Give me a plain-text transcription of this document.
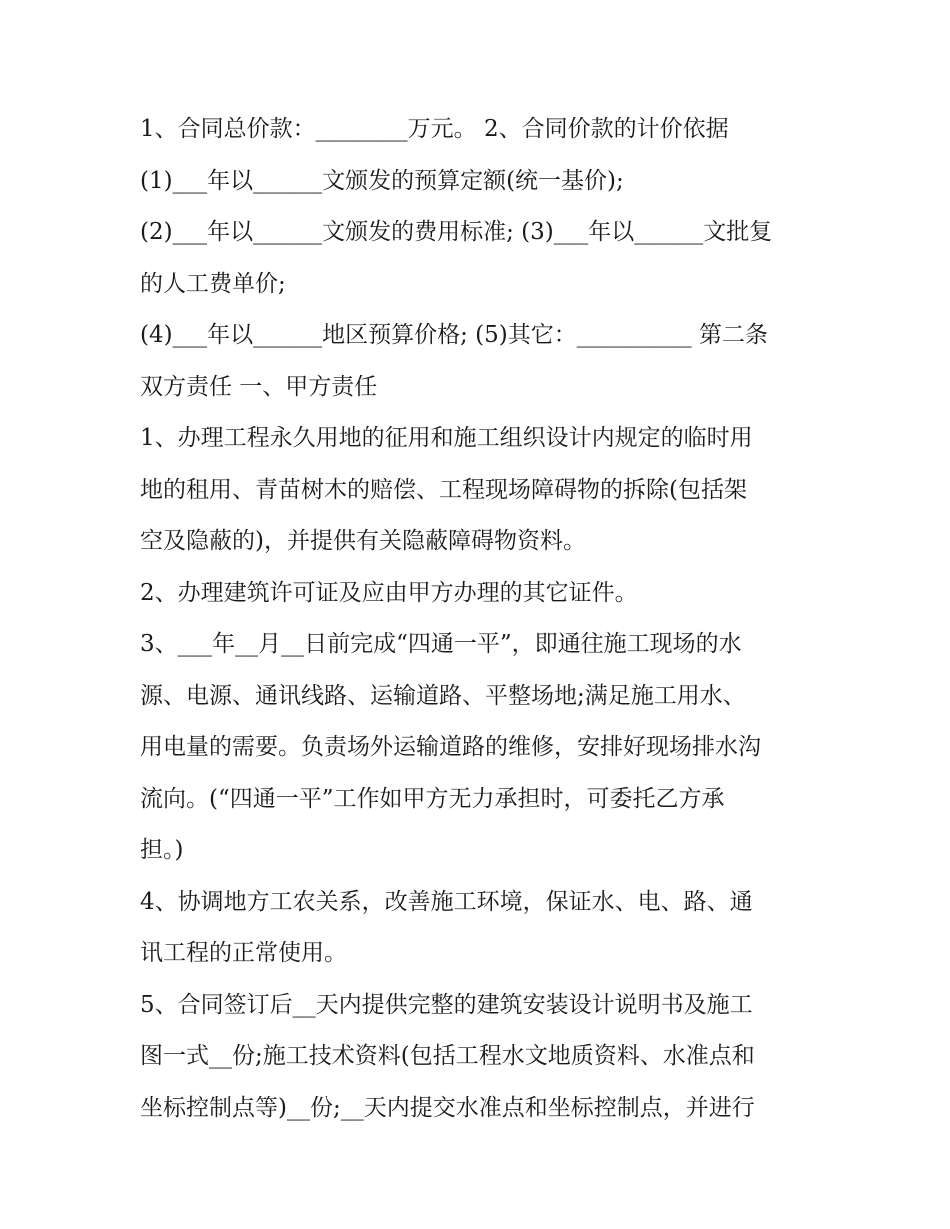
1、合同总价款：________万元。 2、合同价款的计价依据
(1)___年以______文颁发的预算定额(统一基价);
(2)___年以______文颁发的费用标准; (3)___年以______文批复
的人工费单价;
(4)___年以______地区预算价格; (5)其它：__________ 第二条
双方责任 一、甲方责任
1、办理工程永久用地的征用和施工组织设计内规定的临时用
地的租用、青苗树木的赔偿、工程现场障碍物的拆除(包括架
空及隐蔽的)，并提供有关隐蔽障碍物资料。
2、办理建筑许可证及应由甲方办理的其它证件。
3、___年__月__日前完成“四通一平”，即通往施工现场的水
源、电源、通讯线路、运输道路、平整场地;满足施工用水、
用电量的需要。负责场外运输道路的维修，安排好现场排水沟
流向。(“四通一平”工作如甲方无力承担时，可委托乙方承
担。)
4、协调地方工农关系，改善施工环境，保证水、电、路、通
讯工程的正常使用。
5、合同签订后__天内提供完整的建筑安装设计说明书及施工
图一式__份;施工技术资料(包括工程水文地质资料、水准点和
坐标控制点等)__份;__天内提交水准点和坐标控制点，并进行
